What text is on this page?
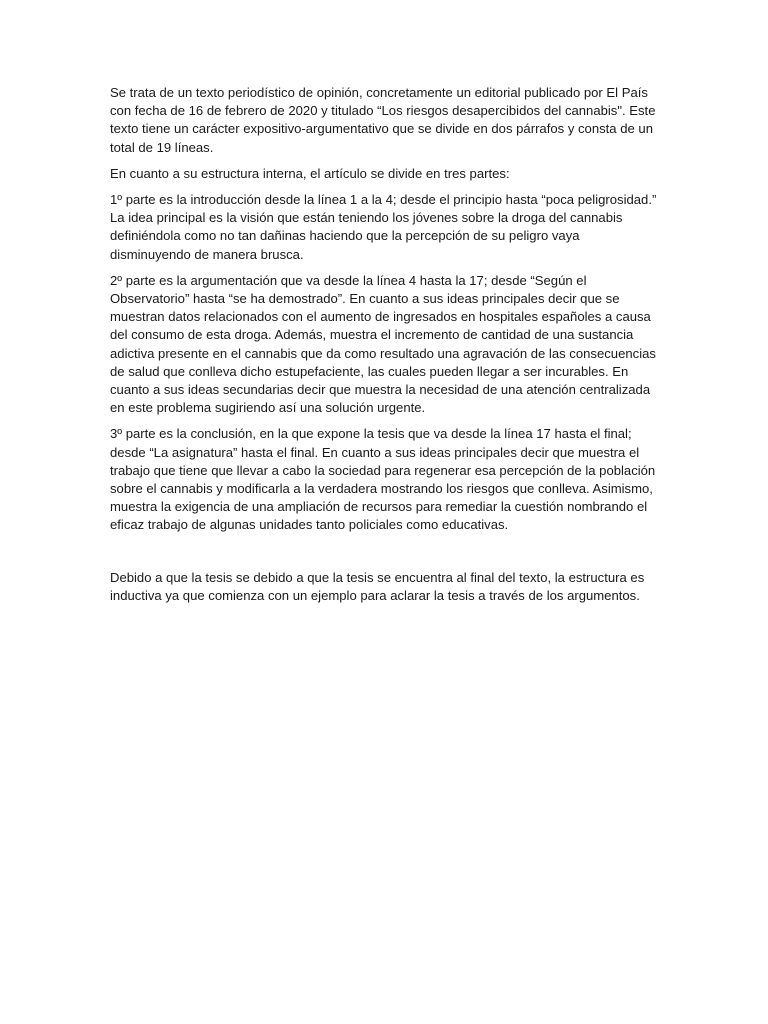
Se trata de un texto periodístico de opinión, concretamente un editorial publicado por El País con fecha de 16 de febrero de 2020 y titulado “Los riesgos desapercibidos del cannabis". Este texto tiene un carácter expositivo-argumentativo que se divide en dos párrafos y consta de un total de 19 líneas.

En cuanto a su estructura interna, el artículo se divide en tres partes:

1º parte es la introducción desde la línea 1 a la 4; desde el principio hasta “poca peligrosidad.” La idea principal es la visión que están teniendo los jóvenes sobre la droga del cannabis definiéndola como no tan dañinas haciendo que la percepción de su peligro vaya disminuyendo de manera brusca.

2º parte es la argumentación que va desde la línea 4 hasta la 17; desde “Según el Observatorio” hasta “se ha demostrado”. En cuanto a sus ideas principales decir que se muestran datos relacionados con el aumento de ingresados en hospitales españoles a causa del consumo de esta droga. Además, muestra el incremento de cantidad de una sustancia adictiva presente en el cannabis que da como resultado una agravación de las consecuencias de salud que conlleva dicho estupefaciente, las cuales pueden llegar a ser incurables. En cuanto a sus ideas secundarias decir que muestra la necesidad de una atención centralizada en este problema sugiriendo así una solución urgente.

3º parte es la conclusión, en la que expone la tesis que va desde la línea 17 hasta el final; desde “La asignatura” hasta el final. En cuanto a sus ideas principales decir que muestra el trabajo que tiene que llevar a cabo la sociedad para regenerar esa percepción de la población sobre el cannabis y modificarla a la verdadera mostrando los riesgos que conlleva. Asimismo, muestra la exigencia de una ampliación de recursos para remediar la cuestión nombrando el eficaz trabajo de algunas unidades tanto policiales como educativas.

Debido a que la tesis se debido a que la tesis se encuentra al final del texto, la estructura es inductiva ya que comienza con un ejemplo para aclarar la tesis a través de los argumentos.
